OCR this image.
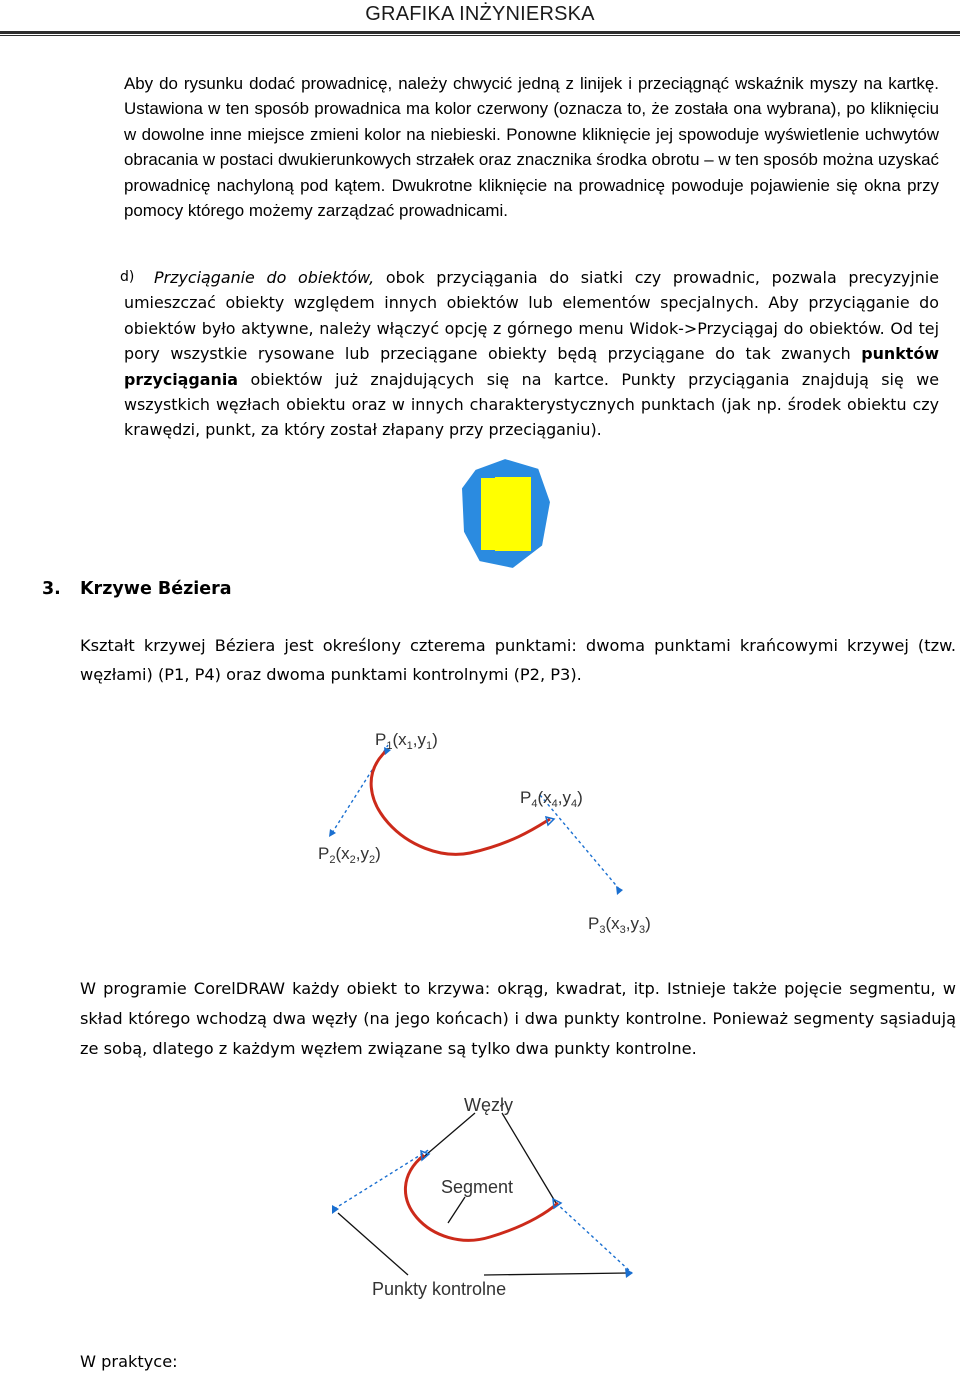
GRAFIKA INŻYNIERSKA
Aby do rysunku dodać prowadnicę, należy chwycić jedną z linijek i przeciągnąć wskaźnik myszy na kartkę. Ustawiona w ten sposób prowadnica ma kolor czerwony (oznacza to, że została ona wybrana), po kliknięciu w dowolne inne miejsce zmieni kolor na niebieski. Ponowne kliknięcie jej spowoduje wyświetlenie uchwytów obracania w postaci dwukierunkowych strzałek oraz znacznika środka obrotu – w ten sposób można uzyskać prowadnicę nachyloną pod kątem. Dwukrotne kliknięcie na prowadnicę powoduje pojawienie się okna przy pomocy którego możemy zarządzać prowadnicami.
d) Przyciąganie do obiektów, obok przyciągania do siatki czy prowadnic, pozwala precyzyjnie umieszczać obiekty względem innych obiektów lub elementów specjalnych. Aby przyciąganie do obiektów było aktywne, należy włączyć opcję z górnego menu Widok->Przyciągaj do obiektów. Od tej pory wszystkie rysowane lub przeciągane obiekty będą przyciągane do tak zwanych punktów przyciągania obiektów już znajdujących się na kartce. Punkty przyciągania znajdują się we wszystkich węzłach obiektu oraz w innych charakterystycznych punktach (jak np. środek obiektu czy krawędzi, punkt, za który został złapany przy przeciąganiu).
3. Krzywe Béziera
Kształt krzywej Béziera jest określony czterema punktami: dwoma punktami krańcowymi krzywej (tzw. węzłami) (P1, P4) oraz dwoma punktami kontrolnymi (P2, P3).
$P_1(x_1,y_1)$
$P_4(x_4,y_4)$
$P_2(x_2,y_2)$
$P_3(x_3,y_3)$
W programie CorelDRAW każdy obiekt to krzywa: okrąg, kwadrat, itp. Istnieje także pojęcie segmentu, w skład którego wchodzą dwa węzły (na jego końcach) i dwa punkty kontrolne. Ponieważ segmenty sąsiadują ze sobą, dlatego z każdym węzłem związane są tylko dwa punkty kontrolne.
Węzły
Segment
Punkty kontrolne
W praktyce:
